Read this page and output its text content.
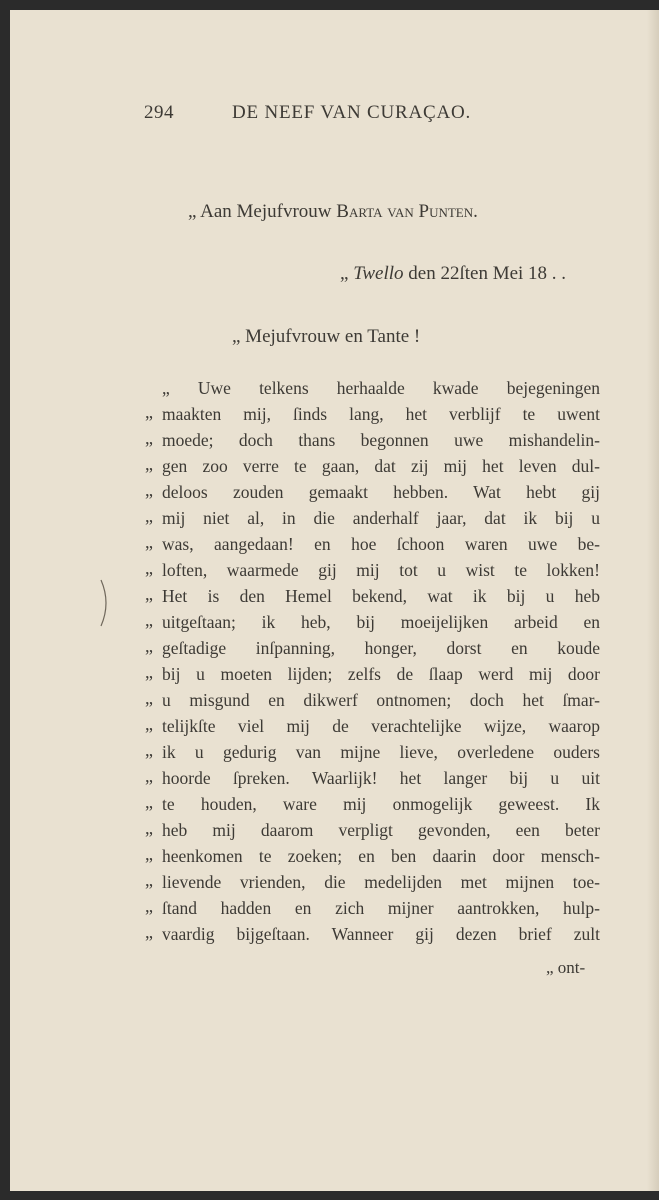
294	DE NEEF VAN CURAÇAO.
„ Aan Mejufvrouw Barta van Punten.
„ Twello den 22ſten Mei 18 . .
„ Mejufvrouw en Tante !
„ Uwe telkens herhaalde kwade bejegeningen
„ maakten mij, ſinds lang, het verblijf te uwent
„ moede; doch thans begonnen uwe mishandelin-
„ gen zoo verre te gaan, dat zij mij het leven dul-
„ deloos zouden gemaakt hebben. Wat hebt gij
„ mij niet al, in die anderhalf jaar, dat ik bij u
„ was, aangedaan! en hoe ſchoon waren uwe be-
„ loften, waarmede gij mij tot u wist te lokken!
„ Het is den Hemel bekend, wat ik bij u heb
„ uitgeſtaan; ik heb, bij moeijelijken arbeid en
„ geſtadige inſpanning, honger, dorst en koude
„ bij u moeten lijden; zelfs de ſlaap werd mij door
„ u misgund en dikwerf ontnomen; doch het ſmar-
„ telijkſte viel mij de verachtelijke wijze, waarop
„ ik u gedurig van mijne lieve, overledene ouders
„ hoorde ſpreken. Waarlijk! het langer bij u uit
„ te houden, ware mij onmogelijk geweest. Ik
„ heb mij daarom verpligt gevonden, een beter
„ heenkomen te zoeken; en ben daarin door mensch-
„ lievende vrienden, die medelijden met mijnen toe-
„ ſtand hadden en zich mijner aantrokken, hulp-
„ vaardig bijgeſtaan. Wanneer gij dezen brief zult
„ ont-
